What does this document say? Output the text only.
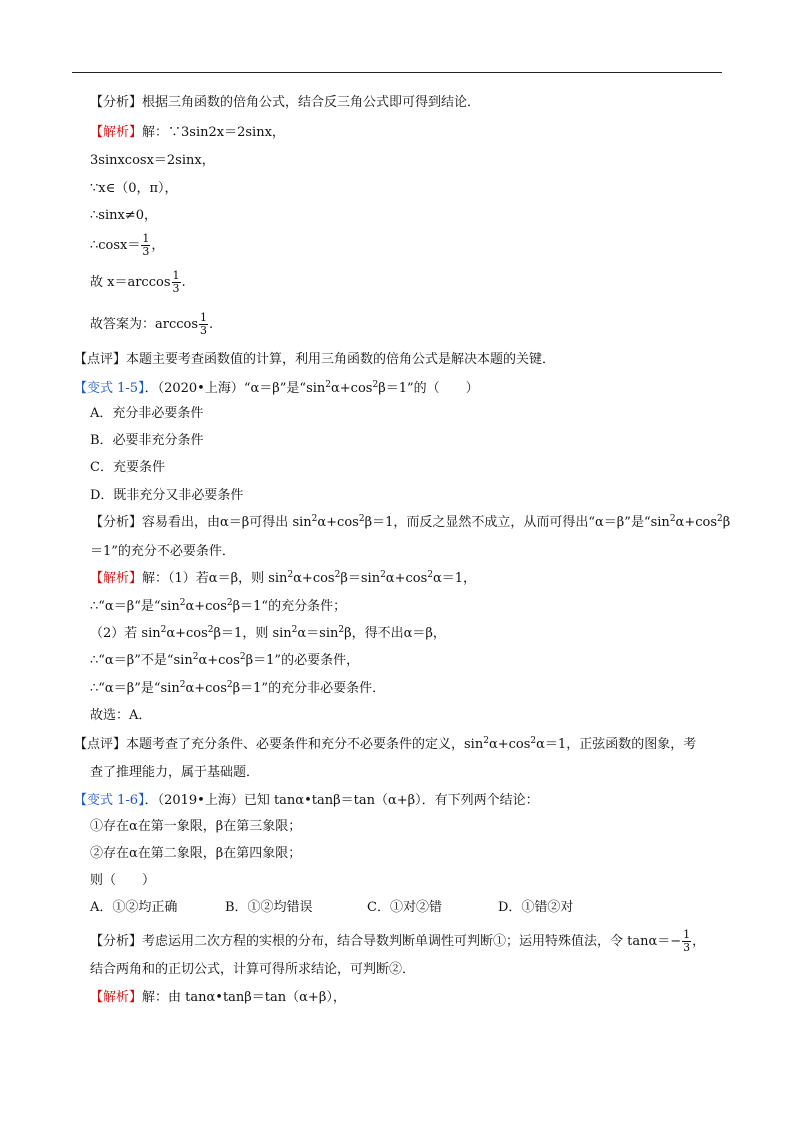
【分析】根据三角函数的倍角公式，结合反三角公式即可得到结论．
【解析】解：∵3sin2x＝2sinx，
3sinxcosx＝2sinx，
∵x∈（0，π），
∴sinx≠0，
∴cosx＝ $\frac{1}{3}$ ，
故 $x=\arccos \frac{1}{3}$ .
故答案为：$\arccos \frac{1}{3}$ .
【点评】本题主要考查函数值的计算，利用三角函数的倍角公式是解决本题的关键．
【变式 1-5】．（2020•上海）“α＝β”是“$\sin^2\alpha+\cos^2\beta=1$”的（　　）
A．充分非必要条件
B．必要非充分条件
C．充要条件
D．既非充分又非必要条件
【分析】容易看出，由α＝β可得出 $\sin^2\alpha+\cos^2\beta=1$，而反之显然不成立，从而可得出“α＝β”是“$\sin^2\alpha+\cos^2\beta$
＝1”的充分不必要条件．
【解析】解：（1）若α＝β，则 $\sin^2\alpha+\cos^2\beta=\sin^2\alpha+\cos^2\alpha=1$，
∴“α＝β“是“$\sin^2\alpha+\cos^2\beta=1“$的充分条件；
（2）若 $\sin^2\alpha+\cos^2\beta=1$，则 $\sin^2\alpha=\sin^2\beta$，得不出α＝β，
∴“α＝β”不是“$\sin^2\alpha+\cos^2\beta=1$”的必要条件，
∴“α＝β”是“$\sin^2\alpha+\cos^2\beta=1$”的充分非必要条件．
故选：A．
【点评】本题考查了充分条件、必要条件和充分不必要条件的定义，$\sin^2\alpha+\cos^2\alpha=1$，正弦函数的图象，考
查了推理能力，属于基础题．
【变式 1-6】．（2019•上海）已知 tanα•tanβ＝tan（α+β）．有下列两个结论：
①存在α在第一象限，β在第三象限；
②存在α在第二象限，β在第四象限；
则（　　）
A．①②均正确	B．①②均错误	C．①对②错	D．①错②对
【分析】考虑运用二次方程的实根的分布，结合导数判断单调性可判断①；运用特殊值法，令 $\tan\alpha=- \frac{1}{3}$ ，
结合两角和的正切公式，计算可得所求结论，可判断②．
【解析】解：由 tanα•tanβ＝tan（α+β），
